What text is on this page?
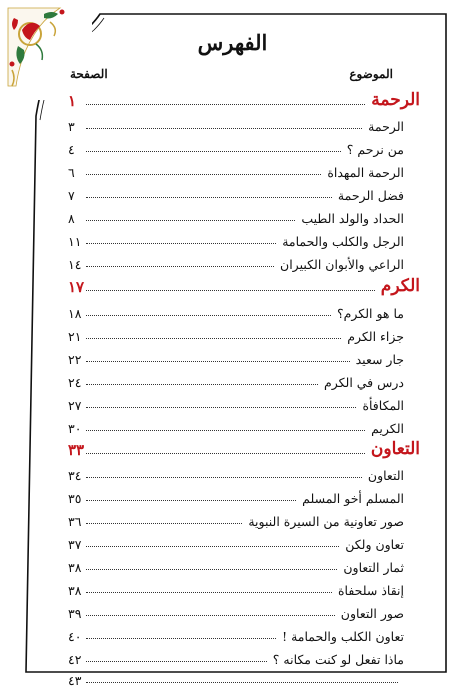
الفهرس
الموضوع
الصفحة
الرحمة
١
الرحمة
٣
من نرحم ؟
٤
الرحمة المهداة
٦
فضل الرحمة
٧
الحداد والولد الطيب
٨
الرجل والكلب والحمامة
١١
الراعي والأبوان الكبيران
١٤
الكرم
١٧
ما هو الكرم؟
١٨
جزاء الكرم
٢١
جار سعيد
٢٢
درس في الكرم
٢٤
المكافأة
٢٧
الكريم
٣٠
التعاون
٣٣
التعاون
٣٤
المسلم أخو المسلم
٣٥
صور تعاونية من السيرة النبوية
٣٦
تعاون ولكن
٣٧
ثمار التعاون
٣٨
إنقاذ سلحفاة
٣٨
صور التعاون
٣٩
تعاون الكلب والحمامة !
٤٠
ماذا تفعل لو كنت مكانه ؟
٤٢
٤٣
